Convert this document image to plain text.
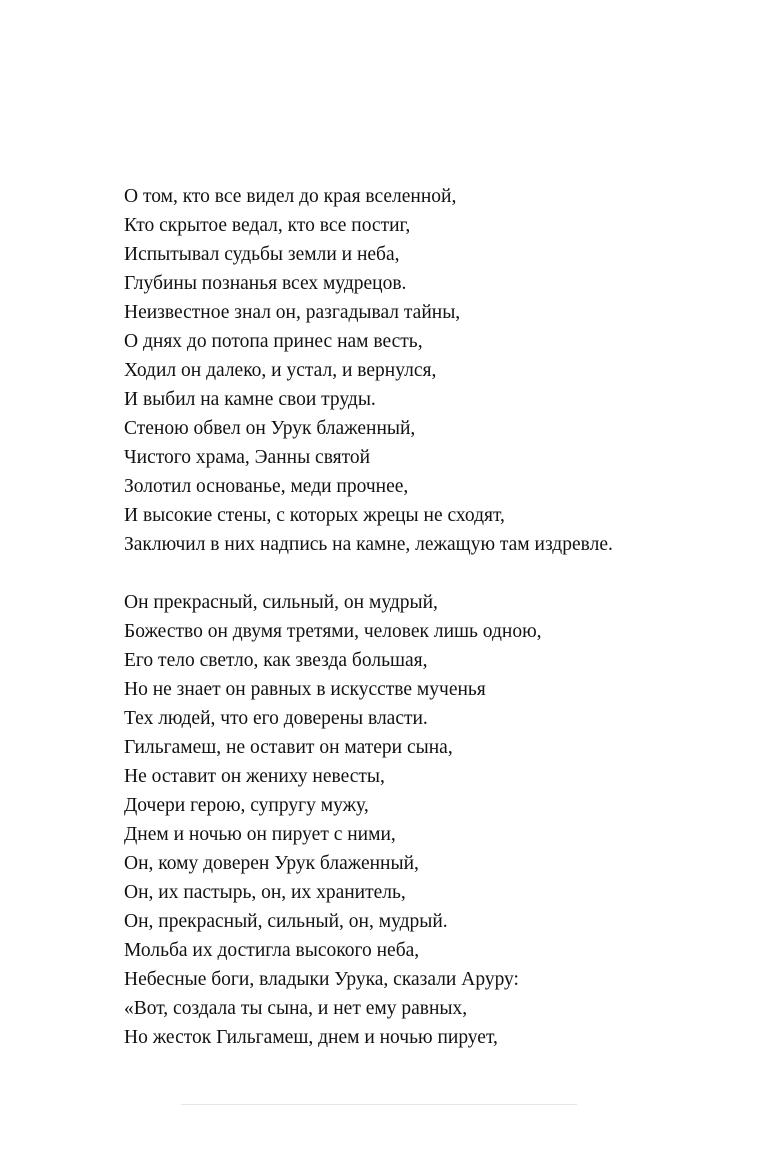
О том, кто все видел до края вселенной,
Кто скрытое ведал, кто все постиг,
Испытывал судьбы земли и неба,
Глубины познанья всех мудрецов.
Неизвестное знал он, разгадывал тайны,
О днях до потопа принес нам весть,
Ходил он далеко, и устал, и вернулся,
И выбил на камне свои труды.
Стеною обвел он Урук блаженный,
Чистого храма, Эанны святой
Золотил основанье, меди прочнее,
И высокие стены, с которых жрецы не сходят,
Заключил в них надпись на камне, лежащую там издревле.
Он прекрасный, сильный, он мудрый,
Божество он двумя третями, человек лишь одною,
Его тело светло, как звезда большая,
Но не знает он равных в искусстве мученья
Тех людей, что его доверены власти.
Гильгамеш, не оставит он матери сына,
Не оставит он жениху невесты,
Дочери герою, супругу мужу,
Днем и ночью он пирует с ними,
Он, кому доверен Урук блаженный,
Он, их пастырь, он, их хранитель,
Он, прекрасный, сильный, он, мудрый.
Мольба их достигла высокого неба,
Небесные боги, владыки Урука, сказали Аруру:
«Вот, создала ты сына, и нет ему равных,
Но жесток Гильгамеш, днем и ночью пирует,
